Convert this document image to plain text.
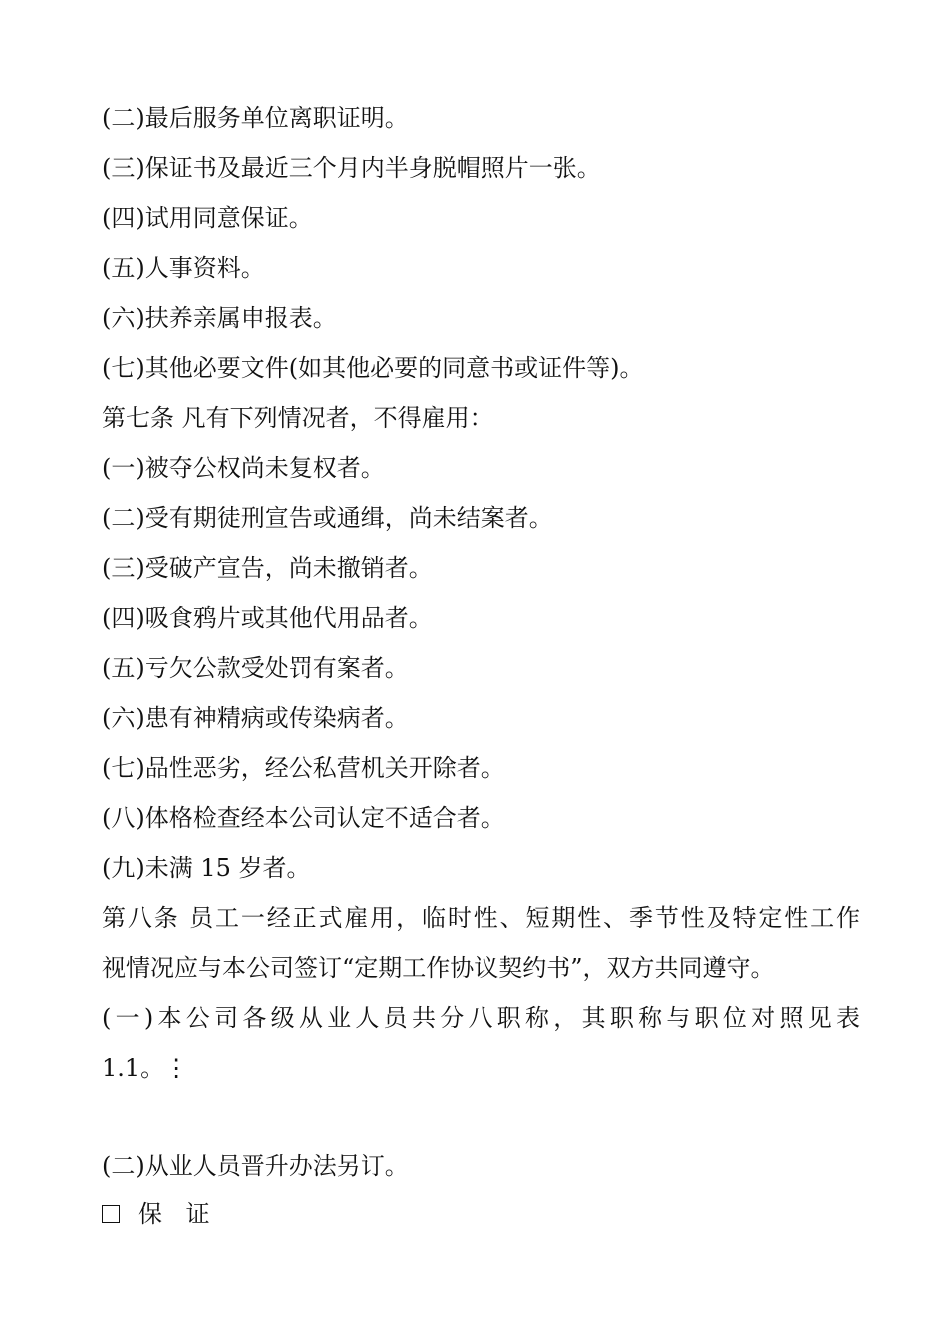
(二)最后服务单位离职证明。
(三)保证书及最近三个月内半身脱帽照片一张。
(四)试用同意保证。
(五)人事资料。
(六)扶养亲属申报表。
(七)其他必要文件(如其他必要的同意书或证件等)。
第七条 凡有下列情况者，不得雇用：
(一)被夺公权尚未复权者。
(二)受有期徒刑宣告或通缉，尚未结案者。
(三)受破产宣告，尚未撤销者。
(四)吸食鸦片或其他代用品者。
(五)亏欠公款受处罚有案者。
(六)患有神精病或传染病者。
(七)品性恶劣，经公私营机关开除者。
(八)体格检查经本公司认定不适合者。
(九)未满 15 岁者。
第八条 员工一经正式雇用，临时性、短期性、季节性及特定性工作
视情况应与本公司签订“定期工作协议契约书”，双方共同遵守。
(一)本公司各级从业人员共分八职称，其职称与职位对照见表
1.1。⋮
(二)从业人员晋升办法另订。
保 证
